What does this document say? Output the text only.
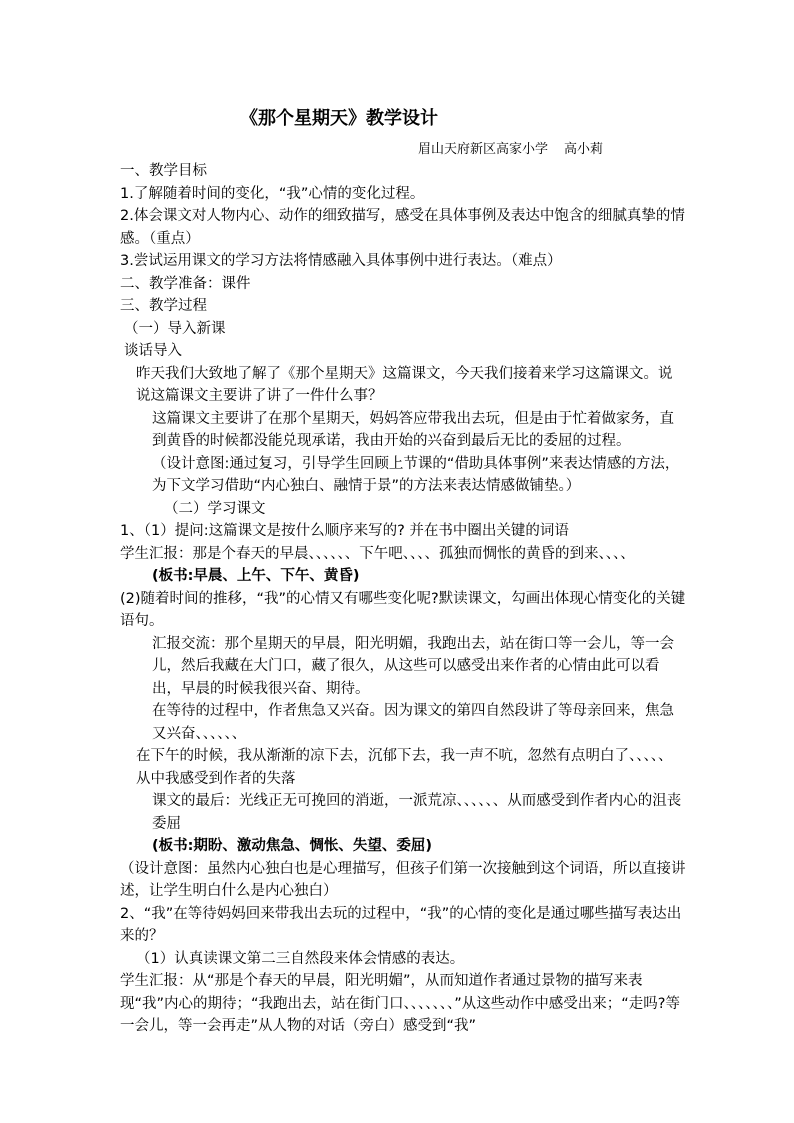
《那个星期天》教学设计
眉山天府新区高家小学 高小莉

一、教学目标

1.了解随着时间的变化，“我”心情的变化过程。

2.体会课文对人物内心、动作的细致描写，感受在具体事例及表达中饱含的细腻真挚的情感。（重点）

3.尝试运用课文的学习方法将情感融入具体事例中进行表达。（难点）

二、教学准备：课件

三、教学过程

（一）导入新课

谈话导入

昨天我们大致地了解了《那个星期天》这篇课文，今天我们接着来学习这篇课文。说说这篇课文主要讲了讲了一件什么事？

这篇课文主要讲了在那个星期天，妈妈答应带我出去玩，但是由于忙着做家务，直到黄昏的时候都没能兑现承诺，我由开始的兴奋到最后无比的委屈的过程。

（设计意图:通过复习，引导学生回顾上节课的“借助具体事例”来表达情感的方法，为下文学习借助“内心独白、融情于景”的方法来表达情感做铺垫。）

（二）学习课文

1、（1）提问:这篇课文是按什么顺序来写的? 并在书中圈出关键的词语

学生汇报：那是个春天的早晨、、、、、、下午吧、、、、孤独而惆怅的黄昏的到来、、、、

(板书:早晨、上午、下午、黄昏)

(2)随着时间的推移，“我”的心情又有哪些变化呢?默读课文，勾画出体现心情变化的关键语句。

汇报交流：那个星期天的早晨，阳光明媚，我跑出去，站在街口等一会儿，等一会儿，然后我藏在大门口，藏了很久，从这些可以感受出来作者的心情由此可以看出，早晨的时候我很兴奋、期待。

在等待的过程中，作者焦急又兴奋。因为课文的第四自然段讲了等母亲回来，焦急又兴奋、、、、、、

在下午的时候，我从渐渐的凉下去，沉郁下去，我一声不吭，忽然有点明白了、、、、、从中我感受到作者的失落

课文的最后：光线正无可挽回的消逝，一派荒凉、、、、、、从而感受到作者内心的沮丧委屈

(板书:期盼、激动焦急、惆怅、失望、委屈)

（设计意图：虽然内心独白也是心理描写，但孩子们第一次接触到这个词语，所以直接讲述，让学生明白什么是内心独白）

2、“我”在等待妈妈回来带我出去玩的过程中，“我”的心情的变化是通过哪些描写表达出来的？

（1）认真读课文第二三自然段来体会情感的表达。

学生汇报：从“那是个春天的早晨，阳光明媚”，从而知道作者通过景物的描写来表现“我”内心的期待；“我跑出去，站在街门口、、、、、、、”从这些动作中感受出来；“走吗?等一会儿，等一会再走”从人物的对话（旁白）感受到“我”
